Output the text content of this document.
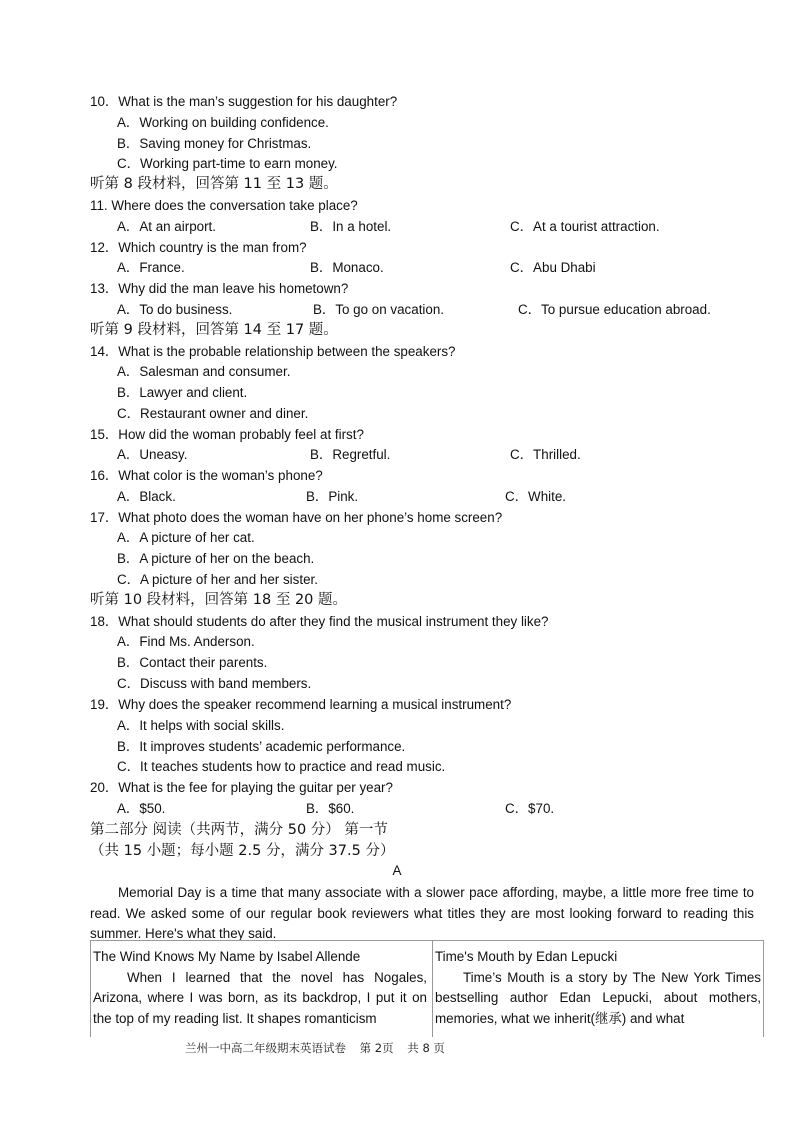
10．What is the man’s suggestion for his daughter?
A．Working on building confidence.
B．Saving money for Christmas.
C．Working part-time to earn money.
听第 8 段材料，回答第 11 至 13 题。
11. Where does the conversation take place?
A．At an airport.	B．In a hotel.	C．At a tourist attraction.
12．Which country is the man from?
A．France.	B．Monaco.	C．Abu Dhabi
13．Why did the man leave his hometown?
A．To do business.	B．To go on vacation.	C．To pursue education abroad.
听第 9 段材料，回答第 14 至 17 题。
14．What is the probable relationship between the speakers?
A．Salesman and consumer.
B．Lawyer and client.
C．Restaurant owner and diner.
15．How did the woman probably feel at first?
A．Uneasy.	B．Regretful.	C．Thrilled.
16．What color is the woman’s phone?
A．Black.	B．Pink.	C．White.
17．What photo does the woman have on her phone’s home screen?
A．A picture of her cat.
B．A picture of her on the beach.
C．A picture of her and her sister.
听第 10 段材料，回答第 18 至 20 题。
18．What should students do after they find the musical instrument they like?
A．Find Ms. Anderson.
B．Contact their parents.
C．Discuss with band members.
19．Why does the speaker recommend learning a musical instrument?
A．It helps with social skills.
B．It improves students’ academic performance.
C．It teaches students how to practice and read music.
20．What is the fee for playing the guitar per year?
A．$50.	B．$60.	C．$70.
第二部分 阅读（共两节，满分 50 分） 第一节
（共 15 小题；每小题 2.5 分，满分 37.5 分）
A
Memorial Day is a time that many associate with a slower pace affording, maybe, a little more free time to read. We asked some of our regular book reviewers what titles they are most looking forward to reading this summer. Here's what they said.
The Wind Knows My Name by Isabel Allende
When I learned that the novel has Nogales, Arizona, where I was born, as its backdrop, I put it on the top of my reading list. It shapes romanticism
Time's Mouth by Edan Lepucki
Time’s Mouth is a story by The New York Times bestselling author Edan Lepucki, about mothers, memories, what we inherit(继承) and what
兰州一中高二年级期末英语试卷 第 2页 共 8 页
